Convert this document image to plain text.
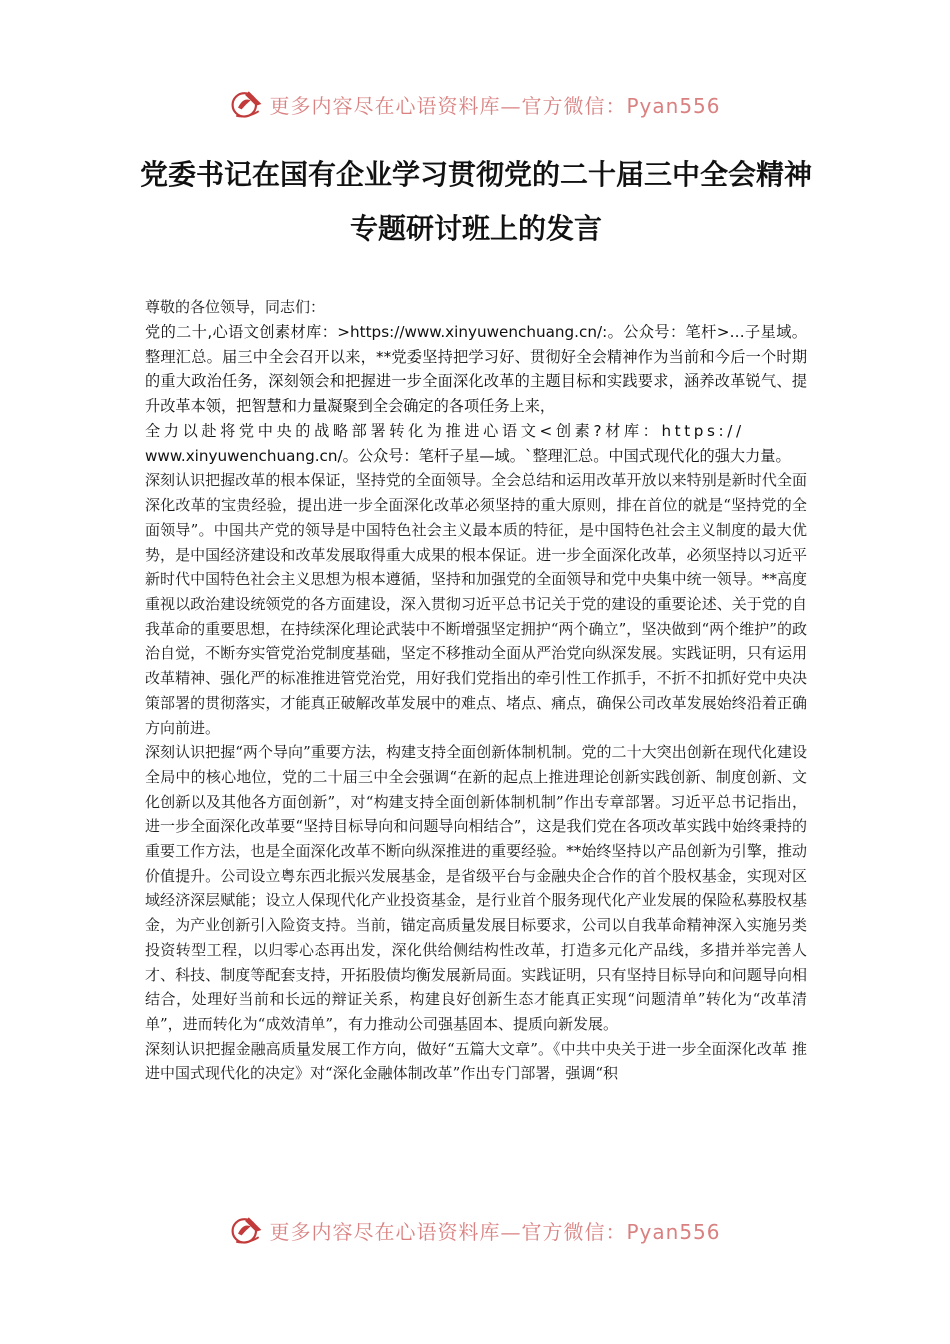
更多内容尽在心语资料库—官方微信：Pyan556
党委书记在国有企业学习贯彻党的二十届三中全会精神专题研讨班上的发言

尊敬的各位领导，同志们：

党的二十,心语文创素材库：>https://www.xinyuwenchuang.cn/:。公众号：笔杆>…子星域。整理汇总。届三中全会召开以来，**党委坚持把学习好、贯彻好全会精神作为当前和今后一个时期的重大政治任务，深刻领会和把握进一步全面深化改革的主题目标和实践要求，涵养改革锐气、提升改革本领，把智慧和力量凝聚到全会确定的各项任务上来，

全力以赴将党中央的战略部署转化为推进心语文<创素?材库：https://

www.xinyuwenchuang.cn/。公众号：笔杆子星—域。`整理汇总。中国式现代化的强大力量。

深刻认识把握改革的根本保证，坚持党的全面领导。全会总结和运用改革开放以来特别是新时代全面深化改革的宝贵经验，提出进一步全面深化改革必须坚持的重大原则，排在首位的就是“坚持党的全面领导”。中国共产党的领导是中国特色社会主义最本质的特征，是中国特色社会主义制度的最大优势，是中国经济建设和改革发展取得重大成果的根本保证。进一步全面深化改革，必须坚持以习近平新时代中国特色社会主义思想为根本遵循，坚持和加强党的全面领导和党中央集中统一领导。**高度重视以政治建设统领党的各方面建设，深入贯彻习近平总书记关于党的建设的重要论述、关于党的自我革命的重要思想，在持续深化理论武装中不断增强坚定拥护“两个确立”，坚决做到“两个维护”的政治自觉，不断夯实管党治党制度基础，坚定不移推动全面从严治党向纵深发展。实践证明，只有运用改革精神、强化严的标准推进管党治党，用好我们党指出的牵引性工作抓手，不折不扣抓好党中央决策部署的贯彻落实，才能真正破解改革发展中的难点、堵点、痛点，确保公司改革发展始终沿着正确方向前进。

深刻认识把握“两个导向”重要方法，构建支持全面创新体制机制。党的二十大突出创新在现代化建设全局中的核心地位，党的二十届三中全会强调“在新的起点上推进理论创新实践创新、制度创新、文化创新以及其他各方面创新”，对“构建支持全面创新体制机制”作出专章部署。习近平总书记指出，进一步全面深化改革要“坚持目标导向和问题导向相结合”，这是我们党在各项改革实践中始终秉持的重要工作方法，也是全面深化改革不断向纵深推进的重要经验。**始终坚持以产品创新为引擎，推动价值提升。公司设立粤东西北振兴发展基金，是省级平台与金融央企合作的首个股权基金，实现对区域经济深层赋能；设立人保现代化产业投资基金，是行业首个服务现代化产业发展的保险私募股权基金，为产业创新引入险资支持。当前，锚定高质量发展目标要求，公司以自我革命精神深入实施另类投资转型工程，以归零心态再出发，深化供给侧结构性改革，打造多元化产品线，多措并举完善人才、科技、制度等配套支持，开拓股债均衡发展新局面。实践证明，只有坚持目标导向和问题导向相结合，处理好当前和长远的辩证关系，构建良好创新生态才能真正实现“问题清单”转化为“改革清单”，进而转化为“成效清单”，有力推动公司强基固本、提质向新发展。

深刻认识把握金融高质量发展工作方向，做好“五篇大文章”。《中共中央关于进一步全面深化改革 推进中国式现代化的决定》对“深化金融体制改革”作出专门部署，强调“积

更多内容尽在心语资料库—官方微信：Pyan556
